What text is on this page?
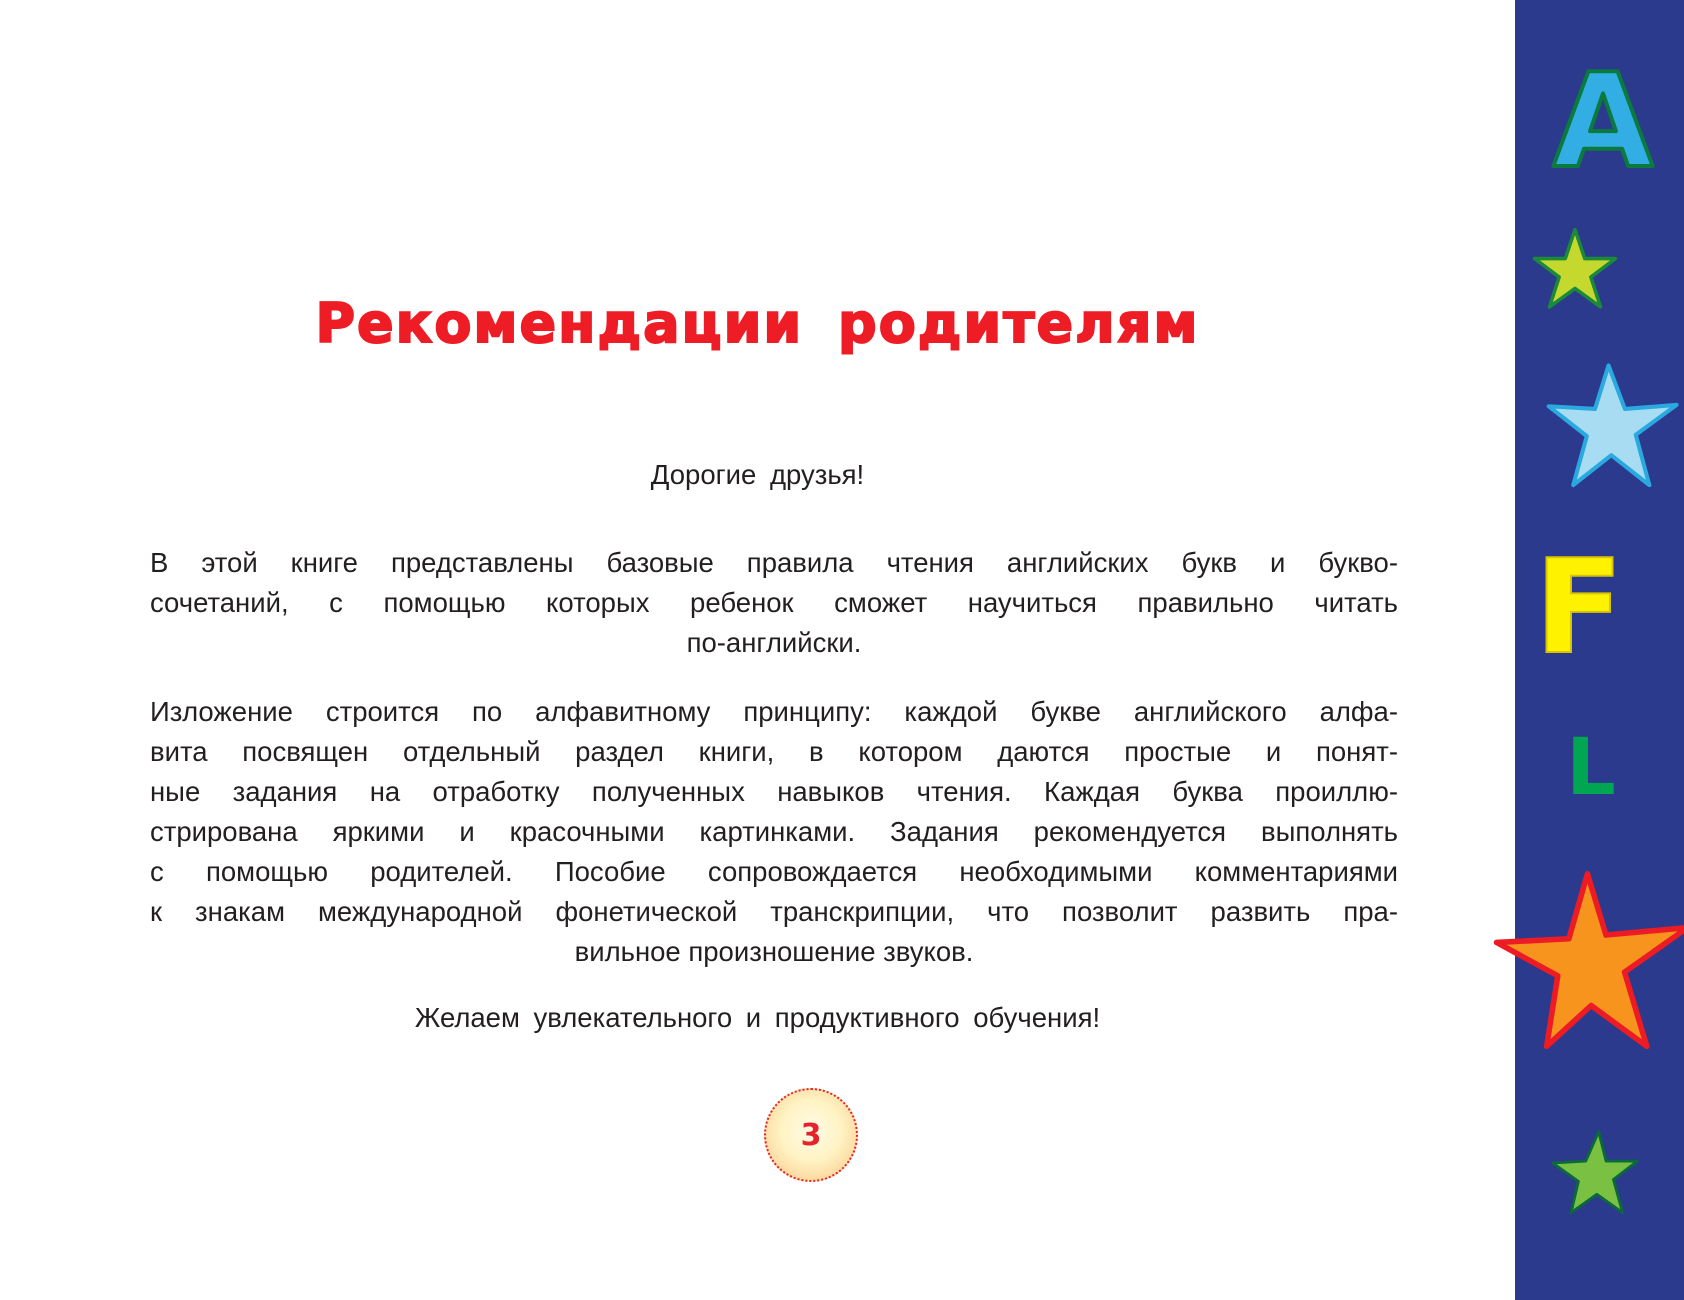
Рекомендации родителям
Дорогие друзья!

В этой книге представлены базовые правила чтения английских букв и букво-

сочетаний, с помощью которых ребенок сможет научиться правильно читать

по-английски.

Изложение строится по алфавитному принципу: каждой букве английского алфа-

вита посвящен отдельный раздел книги, в котором даются простые и понят-

ные задания на отработку полученных навыков чтения. Каждая буква проиллю-

стрирована яркими и красочными картинками. Задания рекомендуется выполнять

с помощью родителей. Пособие сопровождается необходимыми комментариями

к знакам международной фонетической транскрипции, что позволит развить пра-

вильное произношение звуков.

Желаем увлекательного и продуктивного обучения!
3
A
F
L
